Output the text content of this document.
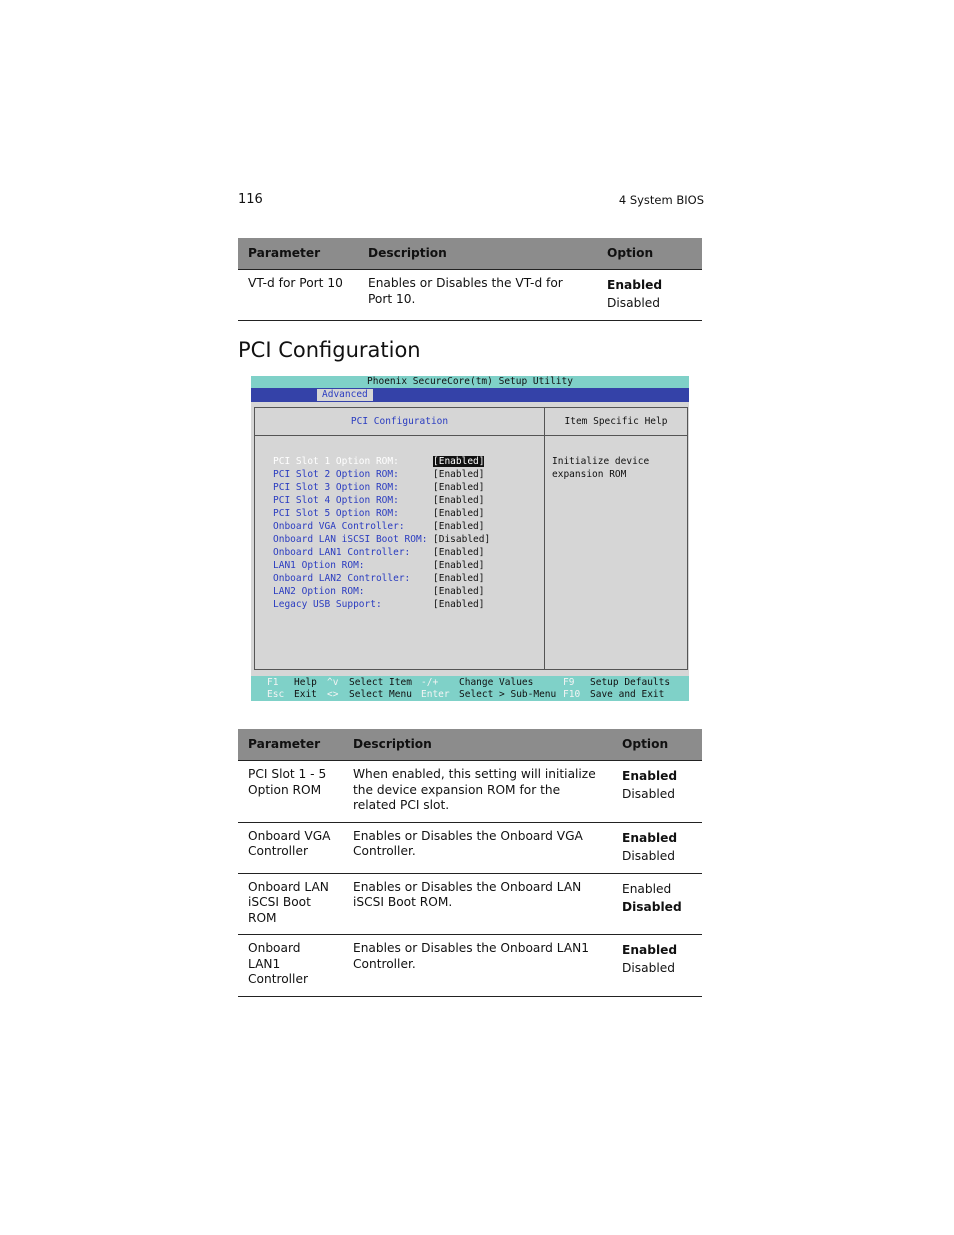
116	4 System BIOS
Parameter	Description	Option
VT-d for Port 10	Enables or Disables the VT-d for Port 10.	Enabled
Disabled
PCI Configuration
Phoenix SecureCore(tm) Setup Utility
Advanced
PCI Configuration
PCI Slot 1 Option ROM:	[Enabled]
PCI Slot 2 Option ROM:	[Enabled]
PCI Slot 3 Option ROM:	[Enabled]
PCI Slot 4 Option ROM:	[Enabled]
PCI Slot 5 Option ROM:	[Enabled]
Onboard VGA Controller:	[Enabled]
Onboard LAN iSCSI Boot ROM: [Disabled]
Onboard LAN1 Controller: [Enabled]
LAN1 Option ROM:	[Enabled]
Onboard LAN2 Controller: [Enabled]
LAN2 Option ROM:	[Enabled]
Legacy USB Support:	[Enabled]
Item Specific Help
Initialize device expansion ROM
F1 Help ^v Select Item -/+ Change Values	F9 Setup Defaults
Esc Exit <> Select Menu Enter Select > Sub-Menu F10 Save and Exit
Parameter	Description	Option
PCI Slot 1 - 5 Option ROM	When enabled, this setting will initialize the device expansion ROM for the related PCI slot.	Enabled
Disabled

Onboard VGA Controller	Enables or Disables the Onboard VGA Controller.	Enabled
Disabled

Onboard LAN iSCSI Boot ROM	Enables or Disables the Onboard LAN iSCSI Boot ROM.	Enabled
Disabled

Onboard LAN1 Controller	Enables or Disables the Onboard LAN1 Controller.	Enabled
Disabled
